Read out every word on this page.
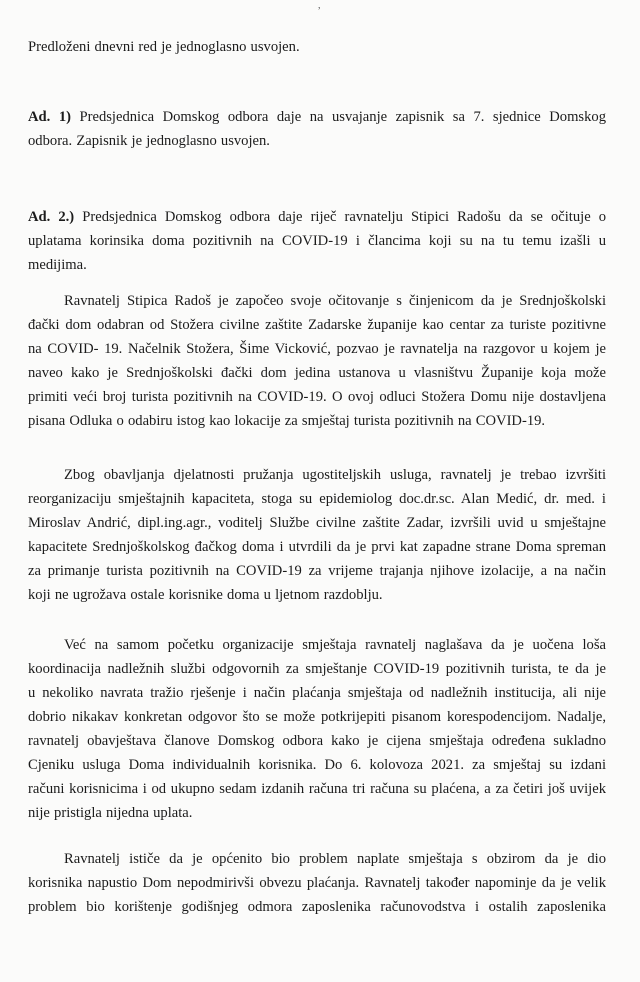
,
Predloženi dnevni red je jednoglasno usvojen.
Ad. 1) Predsjednica Domskog odbora daje na usvajanje zapisnik sa 7. sjednice Domskog
odbora. Zapisnik je jednoglasno usvojen.
Ad. 2.) Predsjednica Domskog odbora daje riječ ravnatelju Stipici Radošu da se očituje o
uplatama korinsika doma pozitivnih na COVID-19 i člancima koji su na tu temu izašli u
medijima.
Ravnatelj Stipica Radoš je započeo svoje očitovanje s činjenicom da je Srednjoškolski
đački dom odabran od Stožera civilne zaštite Zadarske županije kao centar za turiste pozitivne
na COVID- 19. Načelnik Stožera, Šime Vicković, pozvao je ravnatelja na razgovor u kojem je
naveo kako je Srednjoškolski đački dom jedina ustanova u vlasništvu Županije koja može
primiti veći broj turista pozitivnih na COVID-19. O ovoj odluci Stožera Domu nije dostavljena
pisana Odluka o odabiru istog kao lokacije za smještaj turista pozitivnih na COVID-19.
Zbog obavljanja djelatnosti pružanja ugostiteljskih usluga, ravnatelj je trebao izvršiti
reorganizaciju smještajnih kapaciteta, stoga su epidemiolog doc.dr.sc. Alan Medić, dr. med. i
Miroslav Andrić, dipl.ing.agr., voditelj Službe civilne zaštite Zadar, izvršili uvid u smještajne
kapacitete Srednjoškolskog đačkog doma i utvrdili da je prvi kat zapadne strane Doma spreman
za primanje turista pozitivnih na COVID-19 za vrijeme trajanja njihove izolacije, a na način
koji ne ugrožava ostale korisnike doma u ljetnom razdoblju.
Već na samom početku organizacije smještaja ravnatelj naglašava da je uočena loša
koordinacija nadležnih službi odgovornih za smještanje COVID-19 pozitivnih turista, te da je
u nekoliko navrata tražio rješenje i način plaćanja smještaja od nadležnih institucija, ali nije
dobrio nikakav konkretan odgovor što se može potkrijepiti pisanom korespodencijom. Nadalje,
ravnatelj obavještava članove Domskog odbora kako je cijena smještaja određena sukladno
Cjeniku usluga Doma individualnih korisnika. Do 6. kolovoza 2021. za smještaj su izdani
računi korisnicima i od ukupno sedam izdanih računa tri računa su plaćena, a za četiri još uvijek
nije pristigla nijedna uplata.
Ravnatelj ističe da je općenito bio problem naplate smještaja s obzirom da je dio
korisnika napustio Dom nepodmirivši obvezu plaćanja. Ravnatelj također napominje da je velik
problem bio korištenje godišnjeg odmora zaposlenika računovodstva i ostalih zaposlenika
